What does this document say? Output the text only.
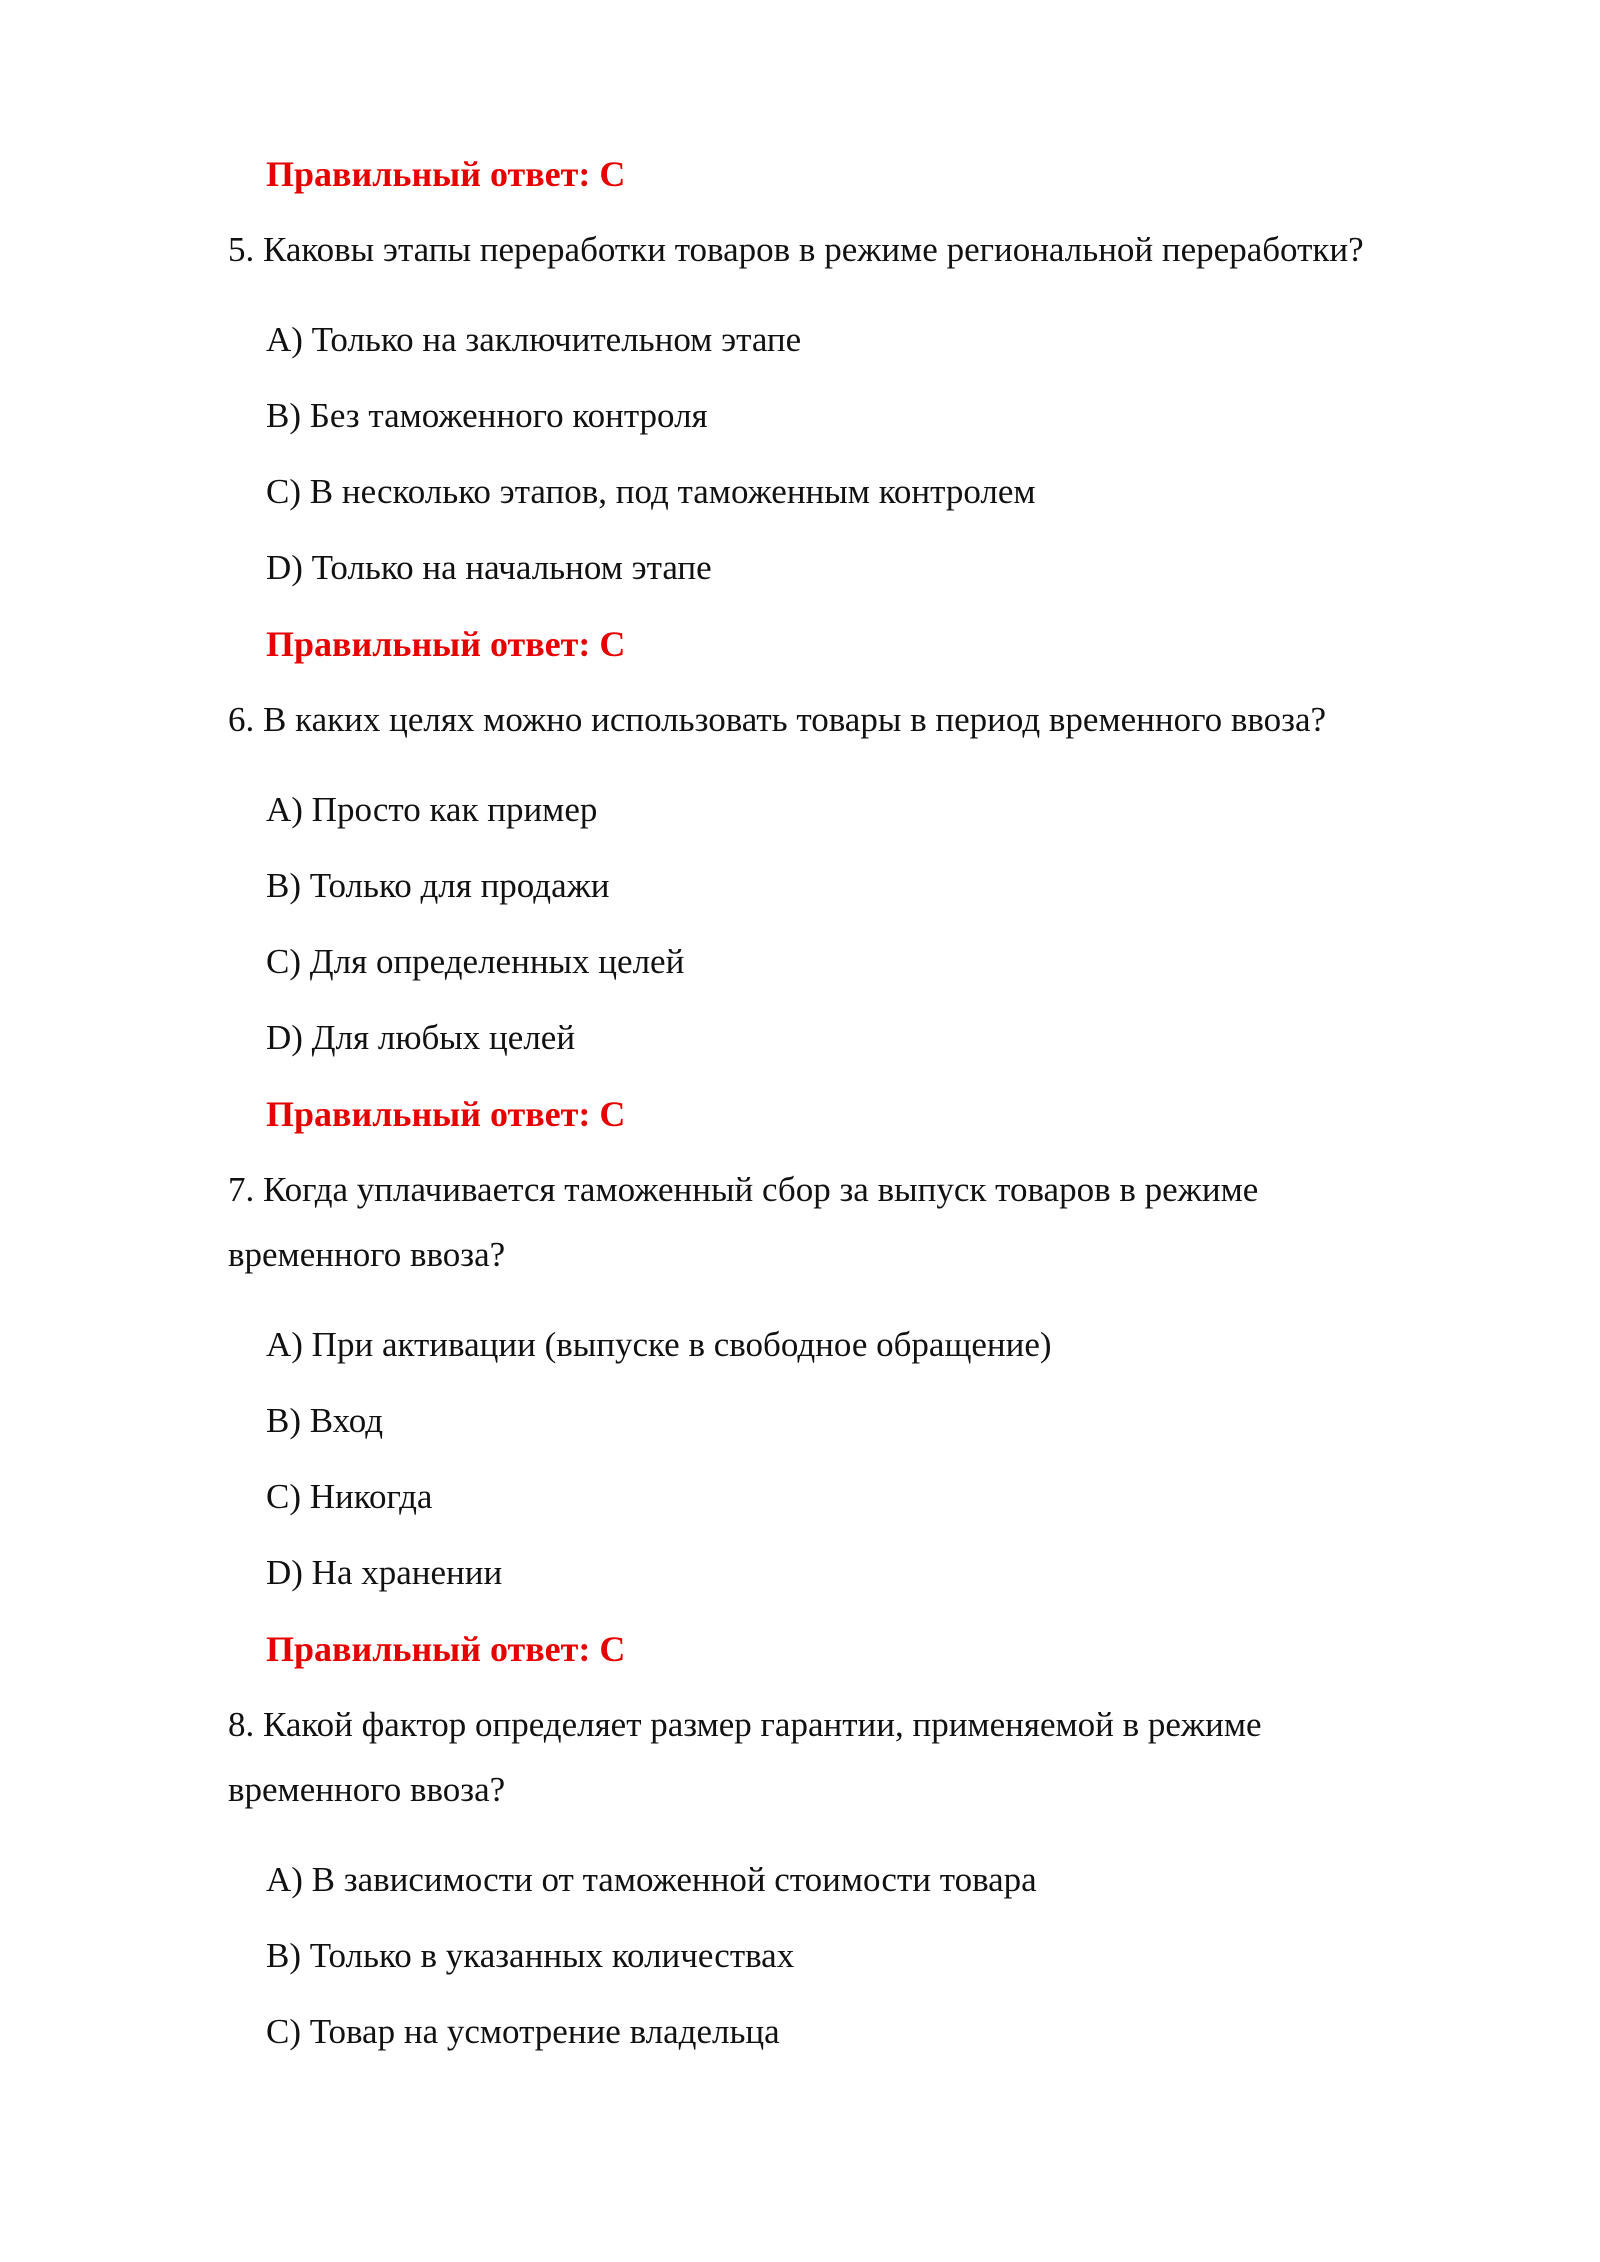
Правильный ответ: С
5. Каковы этапы переработки товаров в режиме региональной переработки?
А) Только на заключительном этапе
В) Без таможенного контроля
С) В несколько этапов, под таможенным контролем
D) Только на начальном этапе
Правильный ответ: С
6. В каких целях можно использовать товары в период временного ввоза?
А) Просто как пример
В) Только для продажи
С) Для определенных целей
D) Для любых целей
Правильный ответ: С
7. Когда уплачивается таможенный сбор за выпуск товаров в режиме
временного ввоза?
А) При активации (выпуске в свободное обращение)
В) Вход
С) Никогда
D) На хранении
Правильный ответ: С
8. Какой фактор определяет размер гарантии, применяемой в режиме
временного ввоза?
А) В зависимости от таможенной стоимости товара
В) Только в указанных количествах
С) Товар на усмотрение владельца
